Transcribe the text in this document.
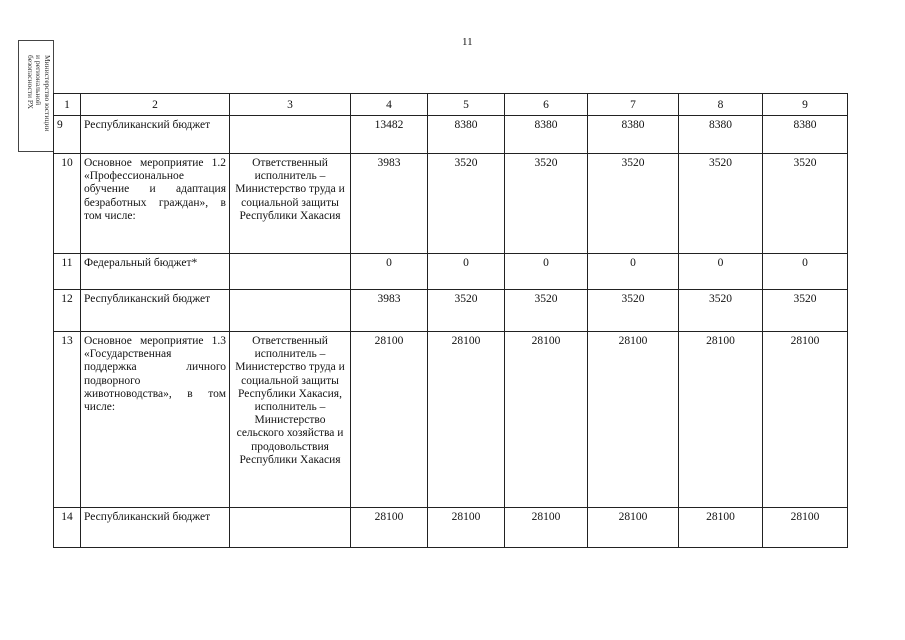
11
Министерство юстиции
и региональной
безопасности РХ	1	2	3	4	5	6	7	8	9
9	Республиканский бюджет		13482	8380	8380	8380	8380	8380
10	Основное мероприятие 1.2 «Профессиональное обучение и адаптация безработных граждан», в том числе:	Ответственный исполнитель – Министерство труда и социальной защиты Республики Хакасия	3983	3520	3520	3520	3520	3520
11	Федеральный бюджет*		0	0	0	0	0	0
12	Республиканский бюджет		3983	3520	3520	3520	3520	3520
13	Основное мероприятие 1.3 «Государственная поддержка личного подворного животноводства», в том числе:	Ответственный исполнитель – Министерство труда и социальной защиты Республики Хакасия, исполнитель – Министерство сельского хозяйства и продовольствия Республики Хакасия	28100	28100	28100	28100	28100	28100
14	Республиканский бюджет		28100	28100	28100	28100	28100	28100
